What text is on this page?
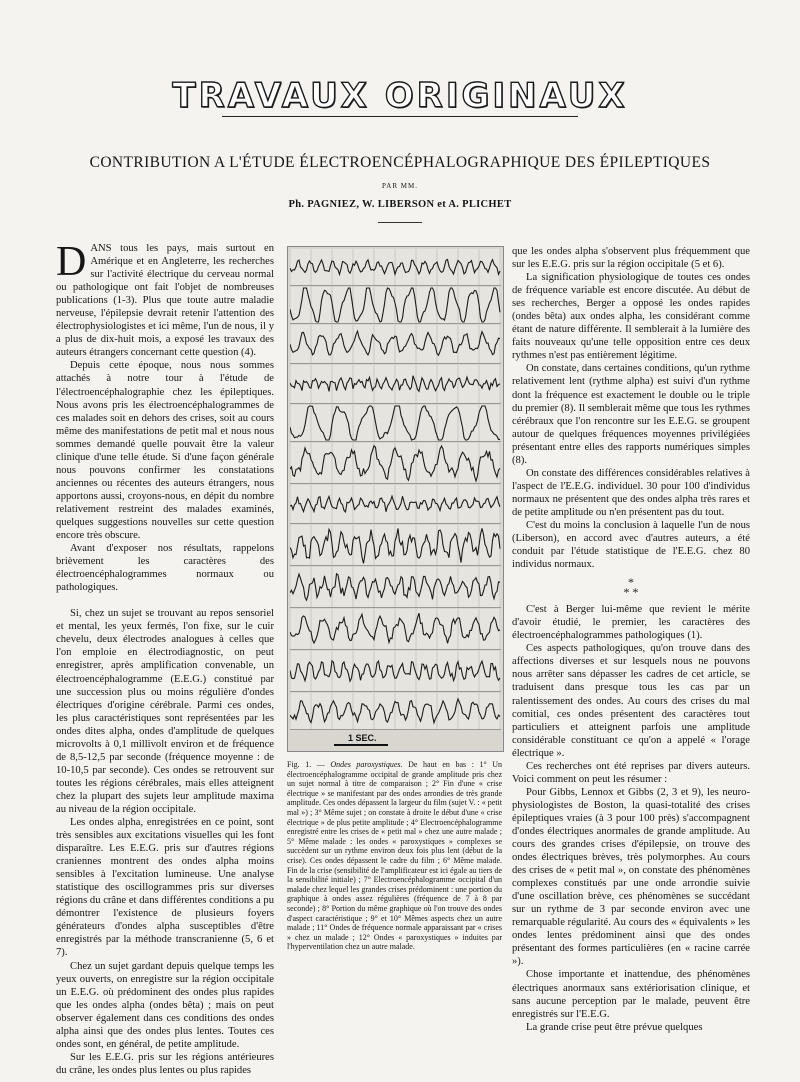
TRAVAUX ORIGINAUX
CONTRIBUTION A L'ÉTUDE ÉLECTROENCÉPHALOGRAPHIQUE DES ÉPILEPTIQUES
PAR MM.
Ph. PAGNIEZ, W. LIBERSON et A. PLICHET

DANS tous les pays, mais surtout en Amérique et en Angleterre, les recherches sur l'activité électrique du cerveau normal ou pathologique ont fait l'objet de nombreuses publications (1-3). Plus que toute autre maladie nerveuse, l'épilepsie devrait retenir l'attention des électrophysiologistes et ici même, l'un de nous, il y a plus de dix-huit mois, a exposé les travaux des auteurs étrangers concernant cette question (4).

Depuis cette époque, nous nous sommes attachés à notre tour à l'étude de l'électroencéphalographie chez les épileptiques. Nous avons pris les électroencéphalogrammes de ces malades soit en dehors des crises, soit au cours même des manifestations de petit mal et nous nous sommes demandé quelle pouvait être la valeur clinique d'une telle étude. Si d'une façon générale nous pouvons confirmer les constatations anciennes ou récentes des auteurs étrangers, nous apportons aussi, croyons-nous, en dépit du nombre relativement restreint des malades examinés, quelques suggestions nouvelles sur cette question encore très obscure.

Avant d'exposer nos résultats, rappelons brièvement les caractères des électroencéphalogrammes normaux ou pathologiques.

Si, chez un sujet se trouvant au repos sensoriel et mental, les yeux fermés, l'on fixe, sur le cuir chevelu, deux électrodes analogues à celles que l'on emploie en électrodiagnostic, on peut enregistrer, après amplification convenable, un électroencéphalogramme (E.E.G.) constitué par une succession plus ou moins régulière d'ondes électriques d'origine cérébrale. Parmi ces ondes, les plus caractéristiques sont représentées par les ondes dites alpha, ondes d'amplitude de quelques microvolts à 0,1 millivolt environ et de fréquence de 8,5-12,5 par seconde (fréquence moyenne : de 10-10,5 par seconde). Ces ondes se retrouvent sur toutes les régions cérébrales, mais elles atteignent chez la plupart des sujets leur amplitude maxima au niveau de la région occipitale.

Les ondes alpha, enregistrées en ce point, sont très sensibles aux excitations visuelles qui les font disparaître. Les E.E.G. pris sur d'autres régions craniennes montrent des ondes alpha moins sensibles à l'excitation lumineuse. Une analyse statistique des oscillogrammes pris sur diverses régions du crâne et dans différentes conditions a pu démontrer l'existence de plusieurs foyers générateurs d'ondes alpha susceptibles d'être enregistrés par la méthode transcranienne (5, 6 et 7).

Chez un sujet gardant depuis quelque temps les yeux ouverts, on enregistre sur la région occipitale un E.E.G. où prédominent des ondes plus rapides que les ondes alpha (ondes bêta) ; mais on peut observer également dans ces conditions des ondes alpha ainsi que des ondes plus lentes. Toutes ces ondes sont, en général, de petite amplitude.

Sur les E.E.G. pris sur les régions antérieures du crâne, les ondes plus lentes ou plus rapides

1 SEC.
Fig. 1. — Ondes paroxystiques. De haut en bas : 1° Un électroencéphalogramme occipital de grande amplitude pris chez un sujet normal à titre de comparaison ; 2° Fin d'une « crise électrique » se manifestant par des ondes arrondies de très grande amplitude. Ces ondes dépassent la largeur du film (sujet V. : « petit mal ») ; 3° Même sujet ; on constate à droite le début d'une « crise électrique » de plus petite amplitude ; 4° Electroencéphalogramme enregistré entre les crises de « petit mal » chez une autre malade ; 5° Même malade : les ondes « paroxystiques » complexes se succèdent sur un rythme environ deux fois plus lent (début de la crise). Ces ondes dépassent le cadre du film ; 6° Même malade. Fin de la crise (sensibilité de l'amplificateur est ici égale au tiers de la sensibilité initiale) ; 7° Electroencéphalogramme occipital d'un malade chez lequel les grandes crises prédominent : une portion du graphique à ondes assez régulières (fréquence de 7 à 8 par seconde) ; 8° Portion du même graphique où l'on trouve des ondes d'aspect caractéristique ; 9° et 10° Mêmes aspects chez un autre malade ; 11° Ondes de fréquence normale apparaissant par « crises » chez un malade ; 12° Ondes « paroxystiques » induites par l'hyperventilation chez un autre malade.

que les ondes alpha s'observent plus fréquemment que sur les E.E.G. pris sur la région occipitale (5 et 6).

La signification physiologique de toutes ces ondes de fréquence variable est encore discutée. Au début de ses recherches, Berger a opposé les ondes rapides (ondes bêta) aux ondes alpha, les considérant comme étant de nature différente. Il semblerait à la lumière des faits nouveaux qu'une telle opposition entre ces deux rythmes n'est pas entièrement légitime.

On constate, dans certaines conditions, qu'un rythme relativement lent (rythme alpha) est suivi d'un rythme dont la fréquence est exactement le double ou le triple du premier (8). Il semblerait même que tous les rythmes cérébraux que l'on rencontre sur les E.E.G. se groupent autour de quelques fréquences moyennes privilégiées présentant entre elles des rapports numériques simples (8).

On constate des différences considérables relatives à l'aspect de l'E.E.G. individuel. 30 pour 100 d'individus normaux ne présentent que des ondes alpha très rares et de petite amplitude ou n'en présentent pas du tout.

C'est du moins la conclusion à laquelle l'un de nous (Liberson), en accord avec d'autres auteurs, a été conduit par l'étude statistique de l'E.E.G. chez 80 individus normaux.

*
* *

C'est à Berger lui-même que revient le mérite d'avoir étudié, le premier, les caractères des électroencéphalogrammes pathologiques (1).

Ces aspects pathologiques, qu'on trouve dans des affections diverses et sur lesquels nous ne pouvons nous arrêter sans dépasser les cadres de cet article, se traduisent dans presque tous les cas par un ralentissement des ondes. Au cours des crises du mal comitial, ces ondes présentent des caractères tout particuliers et atteignent parfois une amplitude considérable constituant ce qu'on a appelé « l'orage électrique ».

Ces recherches ont été reprises par divers auteurs. Voici comment on peut les résumer :

Pour Gibbs, Lennox et Gibbs (2, 3 et 9), les neuro-physiologistes de Boston, la quasi-totalité des crises épileptiques vraies (à 3 pour 100 près) s'accompagnent d'ondes électriques anormales de grande amplitude. Au cours des grandes crises d'épilepsie, on trouve des ondes électriques brèves, très polymorphes. Au cours des crises de « petit mal », on constate des phénomènes complexes constitués par une onde arrondie suivie d'une oscillation brève, ces phénomènes se succédant sur un rythme de 3 par seconde environ avec une remarquable régularité. Au cours des « équivalents » les ondes lentes prédominent ainsi que des ondes présentant des formes particulières (en « racine carrée »).

Chose importante et inattendue, des phénomènes électriques anormaux sans extériorisation clinique, et sans aucune perception par le malade, peuvent être enregistrés sur l'E.E.G.

La grande crise peut être prévue quelques
